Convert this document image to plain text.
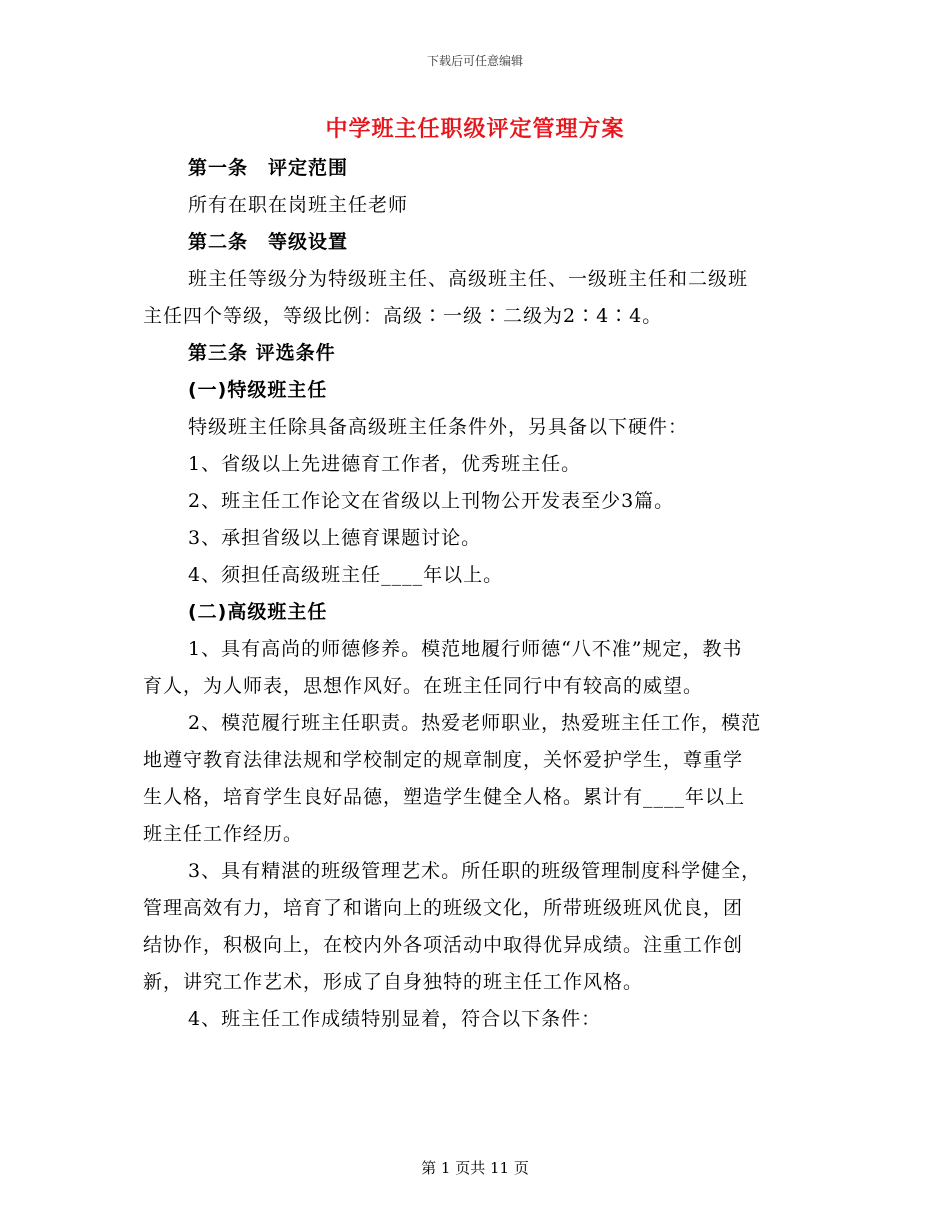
下载后可任意编辑
中学班主任职级评定管理方案
第一条　评定范围
所有在职在岗班主任老师
第二条　等级设置
班主任等级分为特级班主任、高级班主任、一级班主任和二级班
主任四个等级，等级比例：高级∶一级∶二级为2∶4∶4。
第三条 评选条件
(一)特级班主任
特级班主任除具备高级班主任条件外，另具备以下硬件：
1、省级以上先进德育工作者，优秀班主任。
2、班主任工作论文在省级以上刊物公开发表至少3篇。
3、承担省级以上德育课题讨论。
4、须担任高级班主任____年以上。
(二)高级班主任
1、具有高尚的师德修养。模范地履行师德“八不准”规定，教书
育人，为人师表，思想作风好。在班主任同行中有较高的威望。
2、模范履行班主任职责。热爱老师职业，热爱班主任工作，模范
地遵守教育法律法规和学校制定的规章制度，关怀爱护学生，尊重学
生人格，培育学生良好品德，塑造学生健全人格。累计有____年以上
班主任工作经历。
3、具有精湛的班级管理艺术。所任职的班级管理制度科学健全，
管理高效有力，培育了和谐向上的班级文化，所带班级班风优良，团
结协作，积极向上，在校内外各项活动中取得优异成绩。注重工作创
新，讲究工作艺术，形成了自身独特的班主任工作风格。
4、班主任工作成绩特别显着，符合以下条件：
第 1 页共 11 页
